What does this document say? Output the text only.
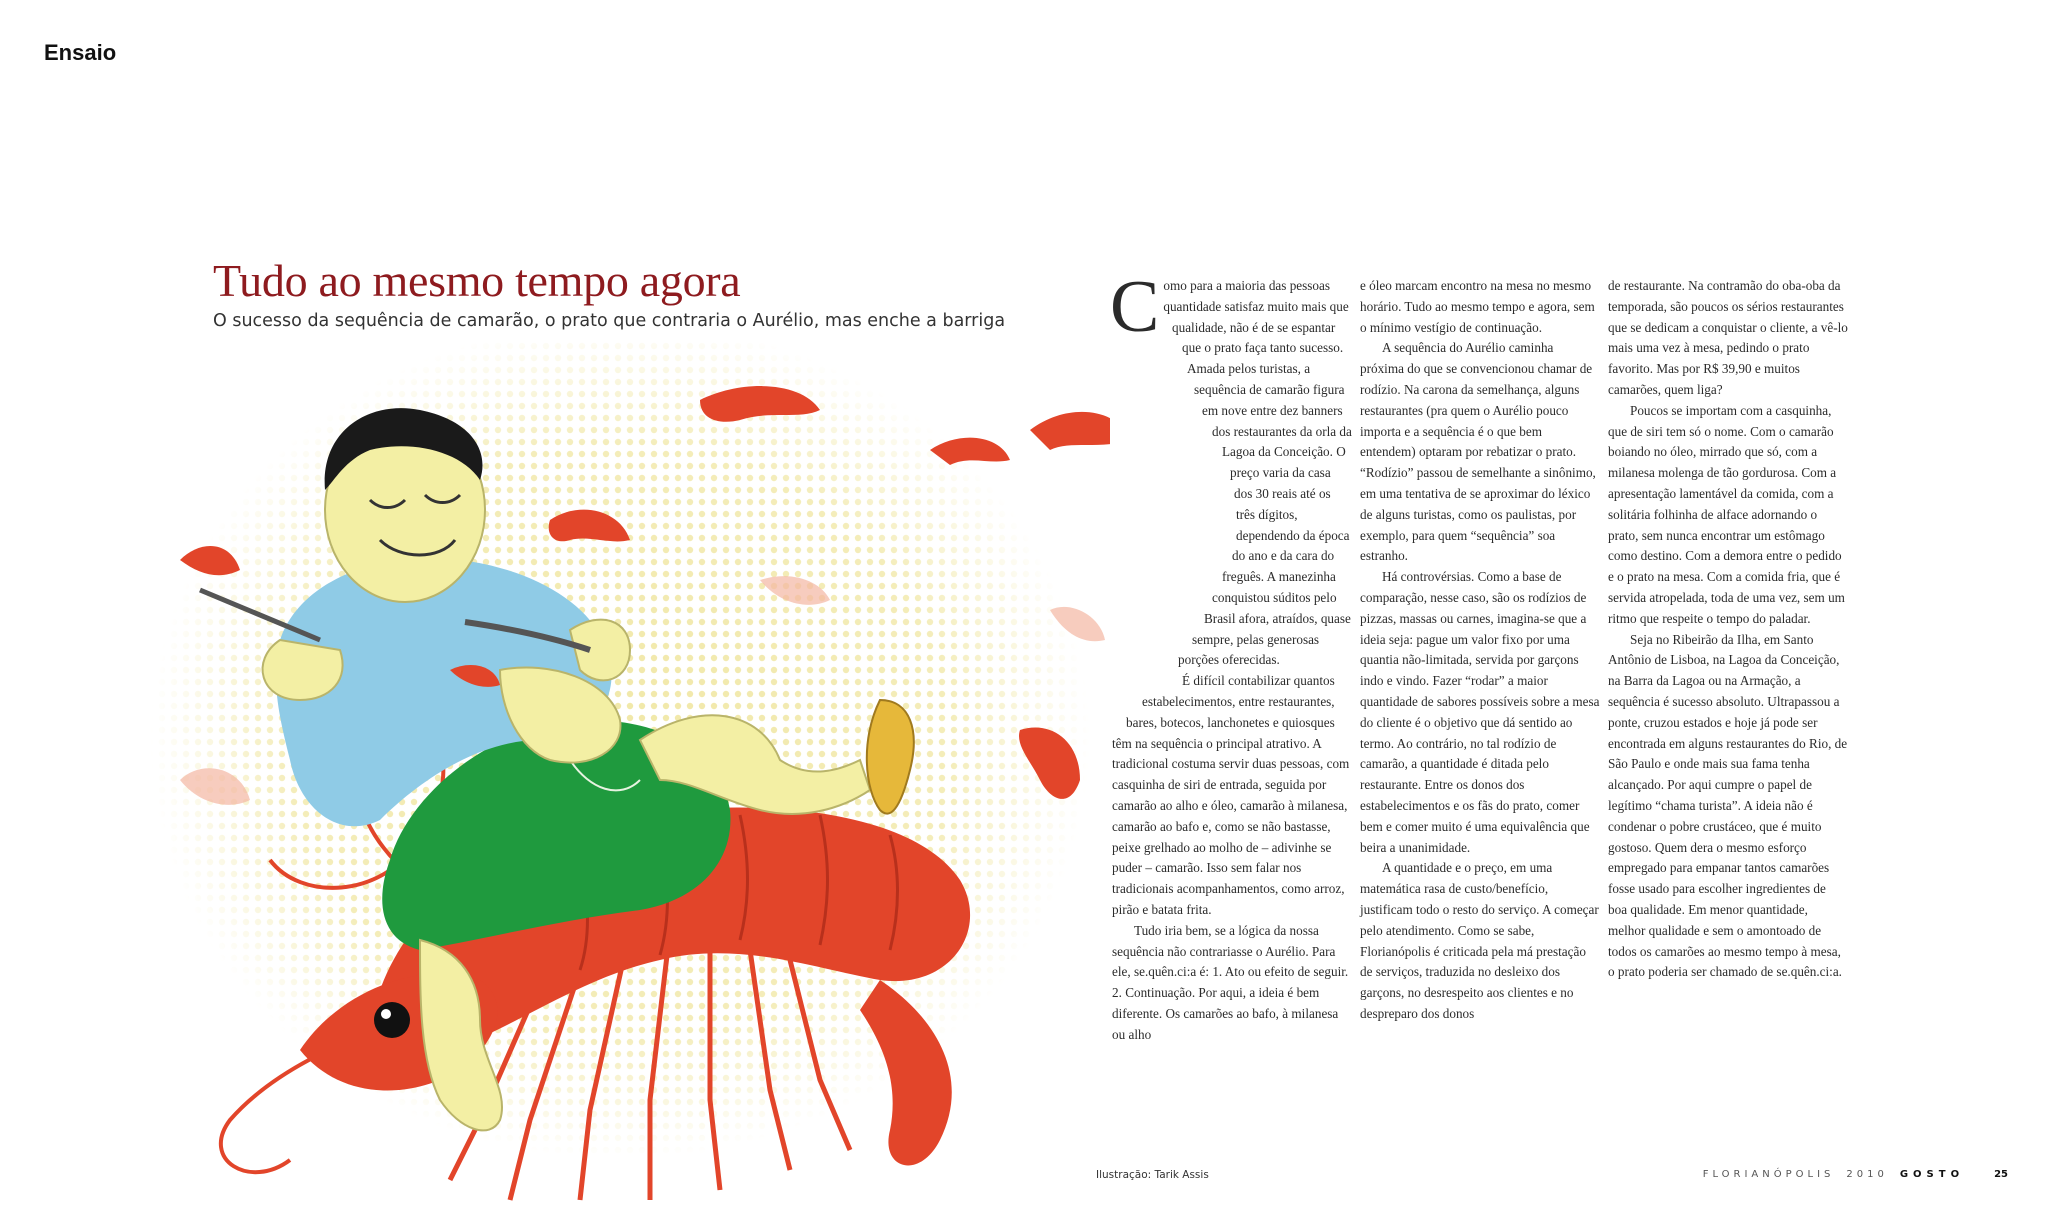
Ensaio
Tudo ao mesmo tempo agora
O sucesso da sequência de camarão, o prato que contraria o Aurélio, mas enche a barriga C omo para a maioria das pessoas quantidade satisfaz muito mais que qualidade, não é de se espantar que o prato faça tanto sucesso. Amada pelos turistas, a sequência de camarão figura em nove entre dez banners dos restaurantes da orla da Lagoa da Conceição. O preço varia da casa dos 30 reais até os três dígitos, dependendo da época do ano e da cara do freguês. A manezinha conquistou súditos pelo Brasil afora, atraídos, quase sempre, pelas generosas porções oferecidas.

É difícil contabilizar quantos estabelecimentos, entre restaurantes, bares, botecos, lanchonetes e quiosques têm na sequência o principal atrativo. A tradicional costuma servir duas pessoas, com casquinha de siri de entrada, seguida por camarão ao alho e óleo, camarão à milanesa, camarão ao bafo e, como se não bastasse, peixe grelhado ao molho de – adivinhe se puder – camarão. Isso sem falar nos tradicionais acompanhamentos, como arroz, pirão e batata frita.

Tudo iria bem, se a lógica da nossa sequência não contrariasse o Aurélio. Para ele, se.quên.ci:a é: 1. Ato ou efeito de seguir. 2. Continuação. Por aqui, a ideia é bem diferente. Os camarões ao bafo, à milanesa ou alho

e óleo marcam encontro na mesa no mesmo horário. Tudo ao mesmo tempo e agora, sem o mínimo vestígio de continuação.

A sequência do Aurélio caminha próxima do que se convencionou chamar de rodízio. Na carona da semelhança, alguns restaurantes (pra quem o Aurélio pouco importa e a sequência é o que bem entendem) optaram por rebatizar o prato. “Rodízio” passou de semelhante a sinônimo, em uma tentativa de se aproximar do léxico de alguns turistas, como os paulistas, por exemplo, para quem “sequência” soa estranho.

Há controvérsias. Como a base de comparação, nesse caso, são os rodízios de pizzas, massas ou carnes, imagina-se que a ideia seja: pague um valor fixo por uma quantia não-limitada, servida por garçons indo e vindo. Fazer “rodar” a maior quantidade de sabores possíveis sobre a mesa do cliente é o objetivo que dá sentido ao termo. Ao contrário, no tal rodízio de camarão, a quantidade é ditada pelo restaurante. Entre os donos dos estabelecimentos e os fãs do prato, comer bem e comer muito é uma equivalência que beira a unanimidade.

A quantidade e o preço, em uma matemática rasa de custo/benefício, justificam todo o resto do serviço. A começar pelo atendimento. Como se sabe, Florianópolis é criticada pela má prestação de serviços, traduzida no desleixo dos garçons, no desrespeito aos clientes e no despreparo dos donos

de restaurante. Na contramão do oba-oba da temporada, são poucos os sérios restaurantes que se dedicam a conquistar o cliente, a vê-lo mais uma vez à mesa, pedindo o prato favorito. Mas por R$ 39,90 e muitos camarões, quem liga?

Poucos se importam com a casquinha, que de siri tem só o nome. Com o camarão boiando no óleo, mirrado que só, com a milanesa molenga de tão gordurosa. Com a apresentação lamentável da comida, com a solitária folhinha de alface adornando o prato, sem nunca encontrar um estômago como destino. Com a demora entre o pedido e o prato na mesa. Com a comida fria, que é servida atropelada, toda de uma vez, sem um ritmo que respeite o tempo do paladar.

Seja no Ribeirão da Ilha, em Santo Antônio de Lisboa, na Lagoa da Conceição, na Barra da Lagoa ou na Armação, a sequência é sucesso absoluto. Ultrapassou a ponte, cruzou estados e hoje já pode ser encontrada em alguns restaurantes do Rio, de São Paulo e onde mais sua fama tenha alcançado. Por aqui cumpre o papel de legítimo “chama turista”. A ideia não é condenar o pobre crustáceo, que é muito gostoso. Quem dera o mesmo esforço empregado para empanar tantos camarões fosse usado para escolher ingredientes de boa qualidade. Em menor quantidade, melhor qualidade e sem o amontoado de todos os camarões ao mesmo tempo à mesa, o prato poderia ser chamado de se.quên.ci:a.

Ilustração: Tarik Assis	FLORIANÓPOLIS 2010 GOSTO	25
